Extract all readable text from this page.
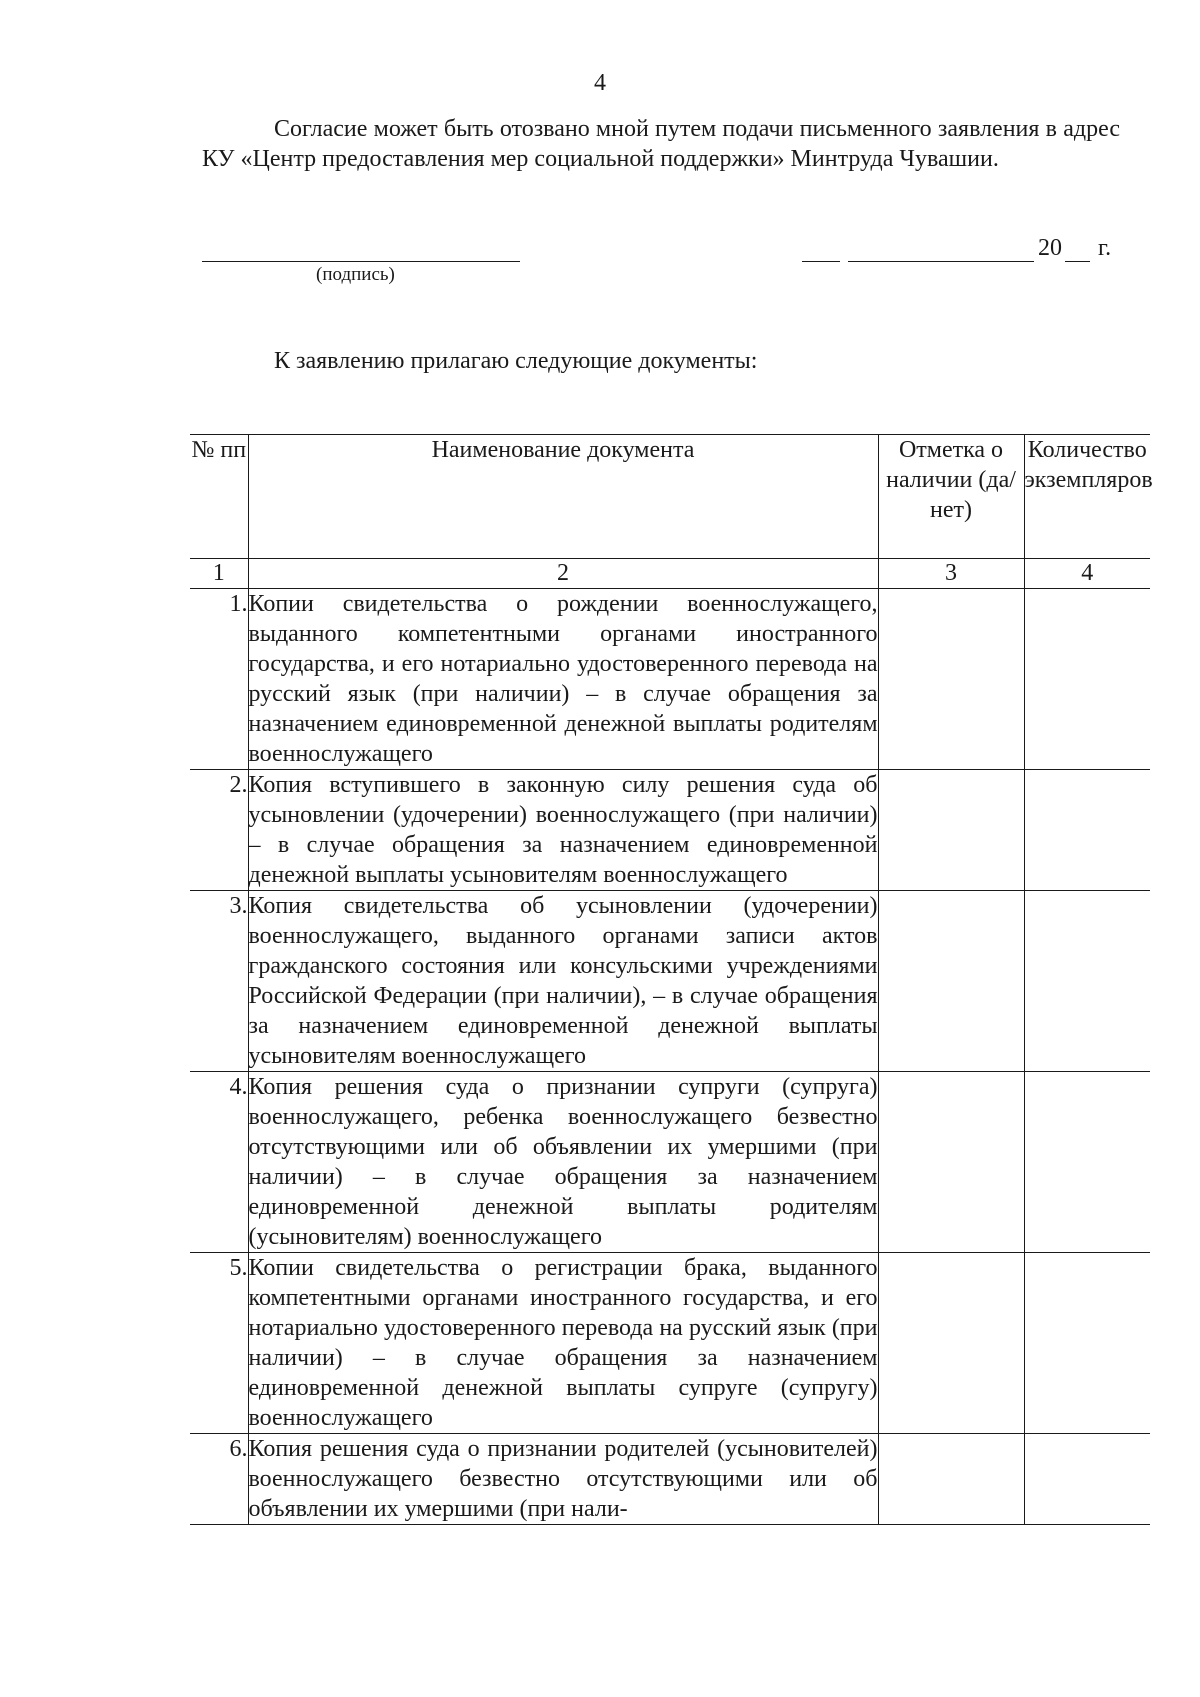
4

Согласие может быть отозвано мной путем подачи письменного заявления в адрес КУ «Центр предоставления мер социальной поддержки» Минтруда Чувашии.

(подпись)
20 г.

К заявлению прилагаю следующие документы:

№ пп	Наименование документа	Отметка о наличии (да/нет)	Количество экземпляров
1	2	3	4
1.	Копии свидетельства о рождении военнослужащего, выданного компетентными органами иностранного государства, и его нотариально удостоверенного перевода на русский язык (при наличии) – в случае обращения за назначением единовременной денежной выплаты родителям военнослужащего		
2.	Копия вступившего в законную силу решения суда об усыновлении (удочерении) военнослужащего (при наличии) – в случае обращения за назначением единовременной денежной выплаты усыновителям военнослужащего		
3.	Копия свидетельства об усыновлении (удочерении) военнослужащего, выданного органами записи актов гражданского состояния или консульскими учреждениями Российской Федерации (при наличии), – в случае обращения за назначением единовременной денежной выплаты усыновителям военнослужащего		
4.	Копия решения суда о признании супруги (супруга) военнослужащего, ребенка военнослужащего безвестно отсутствующими или об объявлении их умершими (при наличии) – в случае обращения за назначением единовременной денежной выплаты родителям (усыновителям) военнослужащего		
5.	Копии свидетельства о регистрации брака, выданного компетентными органами иностранного государства, и его нотариально удостоверенного перевода на русский язык (при наличии) – в случае обращения за назначением единовременной денежной выплаты супруге (супругу) военнослужащего		
6.	Копия решения суда о признании родителей (усыновителей) военнослужащего безвестно отсутствующими или об объявлении их умершими (при нали-		
